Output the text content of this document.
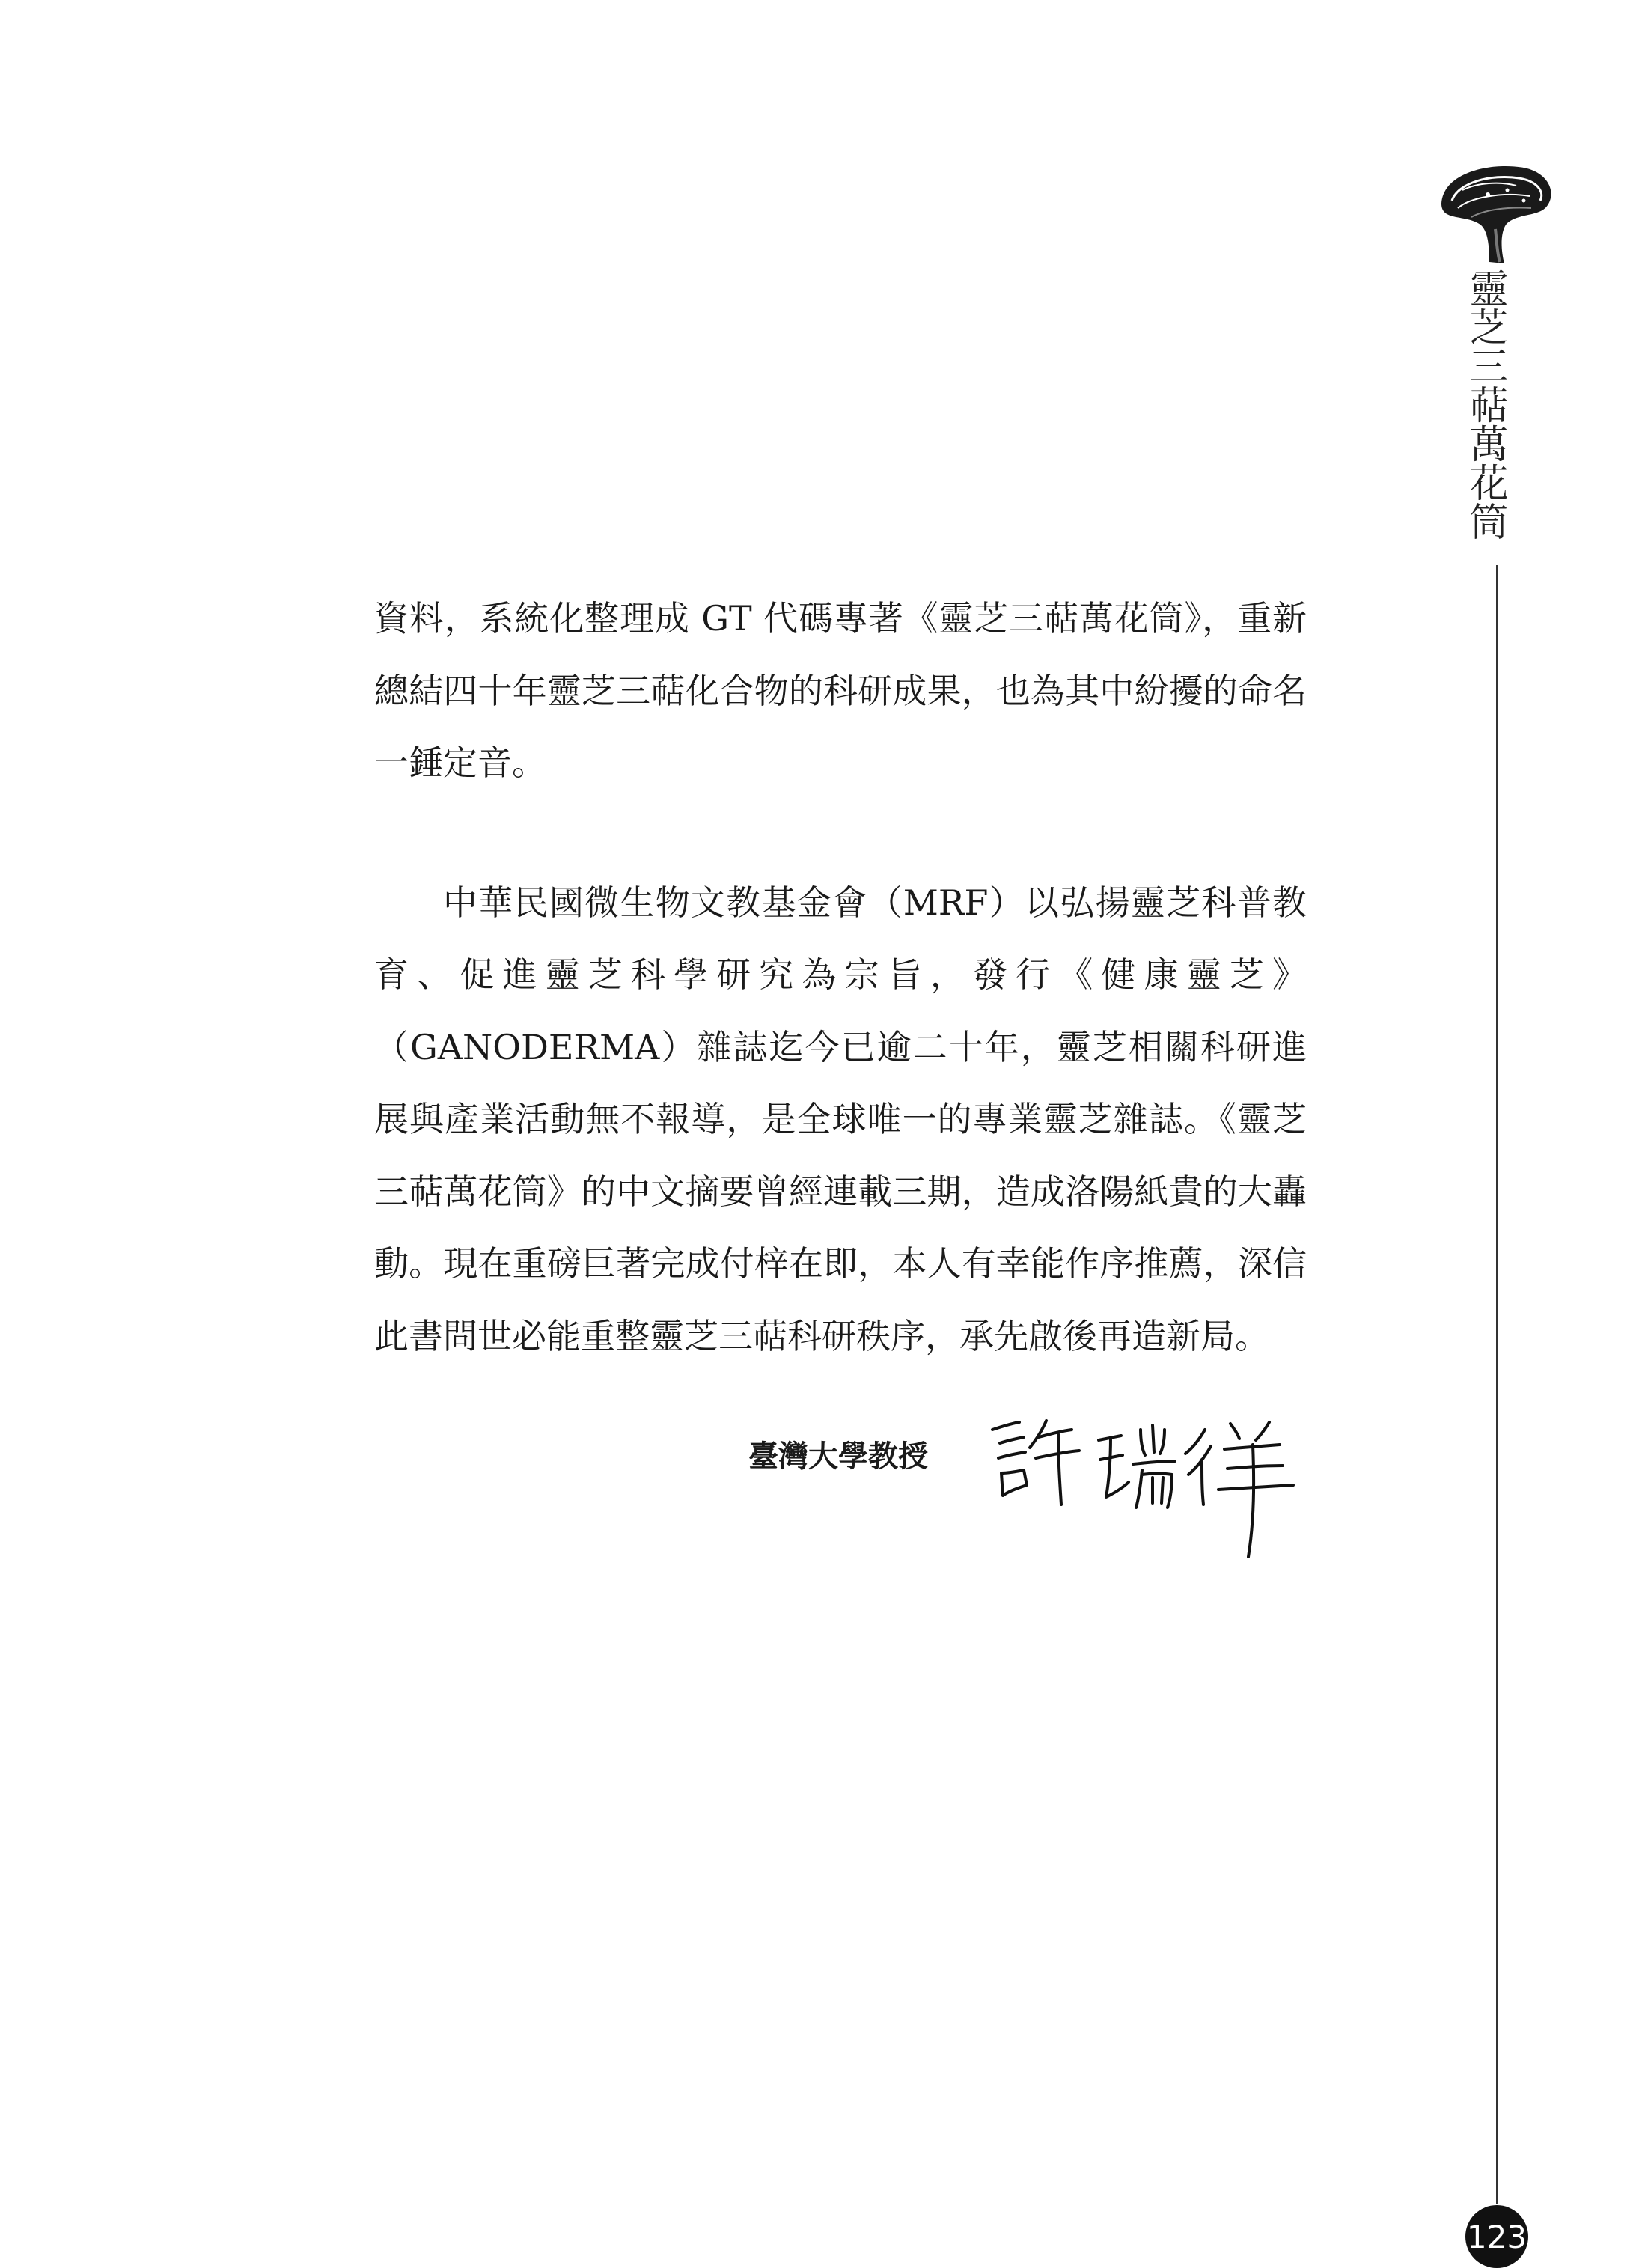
靈芝三萜萬花筒
123

資料，系統化整理成 GT 代碼專著《靈芝三萜萬花筒》，重新總結四十年靈芝三萜化合物的科研成果，也為其中紛擾的命名一錘定音。

中華民國微生物文教基金會（MRF）以弘揚靈芝科普教育、促進靈芝科學研究為宗旨，發行《健康靈芝》（GANODERMA）雜誌迄今已逾二十年，靈芝相關科研進展與產業活動無不報導，是全球唯一的專業靈芝雜誌。《靈芝三萜萬花筒》的中文摘要曾經連載三期，造成洛陽紙貴的大轟動。現在重磅巨著完成付梓在即，本人有幸能作序推薦，深信此書問世必能重整靈芝三萜科研秩序，承先啟後再造新局。

臺灣大學教授
